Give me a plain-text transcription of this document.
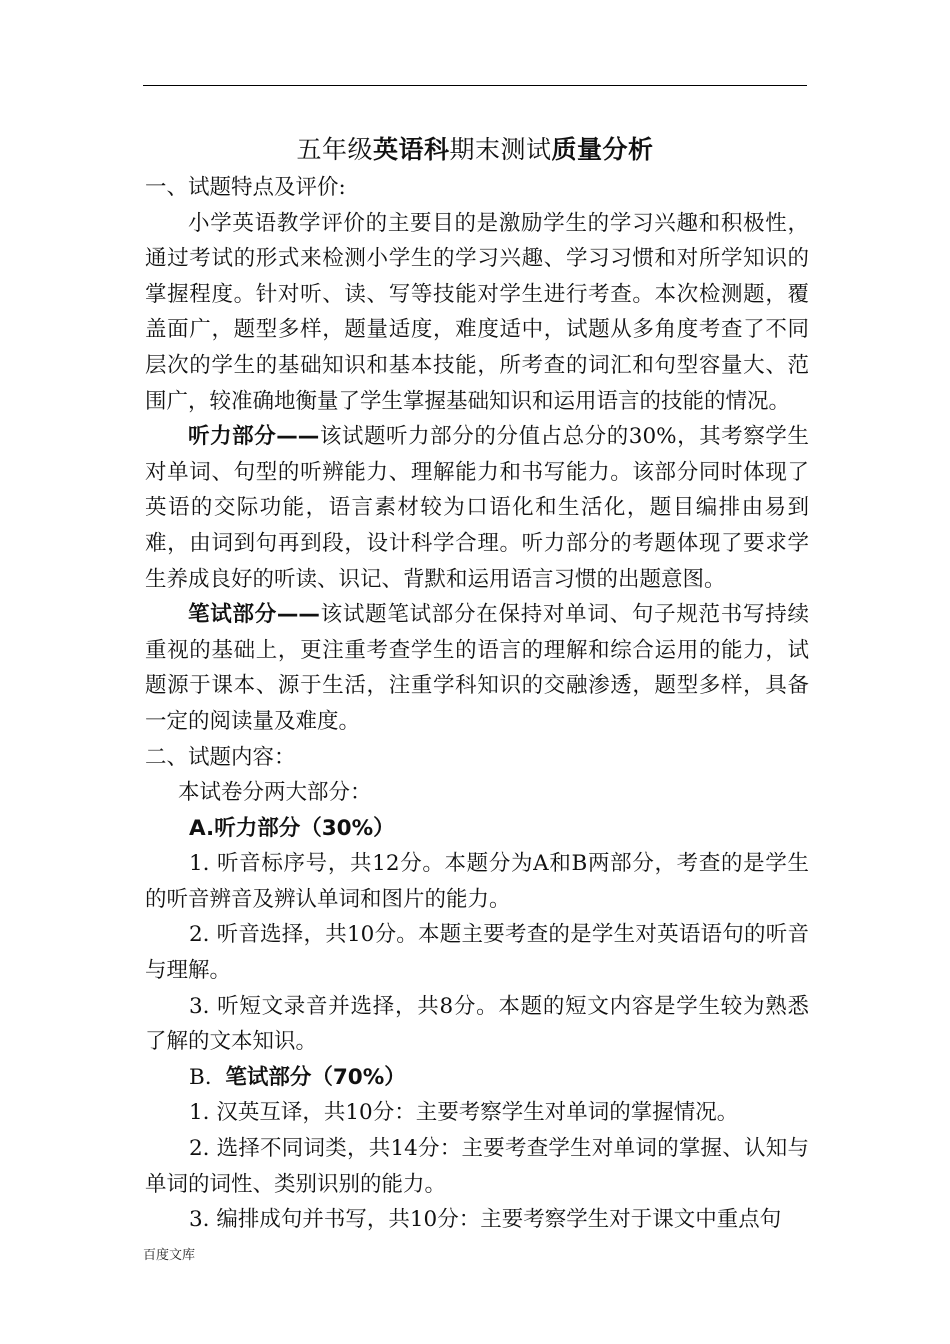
五年级英语科期末测试质量分析

一、试题特点及评价:

小学英语教学评价的主要目的是激励学生的学习兴趣和积极性，通过考试的形式来检测小学生的学习兴趣、学习习惯和对所学知识的掌握程度。针对听、读、写等技能对学生进行考查。本次检测题，覆盖面广，题型多样，题量适度，难度适中，试题从多角度考查了不同层次的学生的基础知识和基本技能，所考查的词汇和句型容量大、范围广，较准确地衡量了学生掌握基础知识和运用语言的技能的情况。

听力部分——该试题听力部分的分值占总分的30%，其考察学生对单词、句型的听辨能力、理解能力和书写能力。该部分同时体现了英语的交际功能，语言素材较为口语化和生活化，题目编排由易到难，由词到句再到段，设计科学合理。听力部分的考题体现了要求学生养成良好的听读、识记、背默和运用语言习惯的出题意图。

笔试部分——该试题笔试部分在保持对单词、句子规范书写持续重视的基础上，更注重考查学生的语言的理解和综合运用的能力，试题源于课本、源于生活，注重学科知识的交融渗透，题型多样，具备一定的阅读量及难度。

二、试题内容：

本试卷分两大部分：

A.听力部分（30%）

1. 听音标序号，共12分。本题分为A和B两部分，考查的是学生的听音辨音及辨认单词和图片的能力。

2. 听音选择，共10分。本题主要考查的是学生对英语语句的听音与理解。

3. 听短文录音并选择，共8分。本题的短文内容是学生较为熟悉了解的文本知识。

B. 笔试部分（70%）

1. 汉英互译，共10分：主要考察学生对单词的掌握情况。

2. 选择不同词类，共14分：主要考查学生对单词的掌握、认知与单词的词性、类别识别的能力。

3. 编排成句并书写，共10分：主要考察学生对于课文中重点句

百度文库
